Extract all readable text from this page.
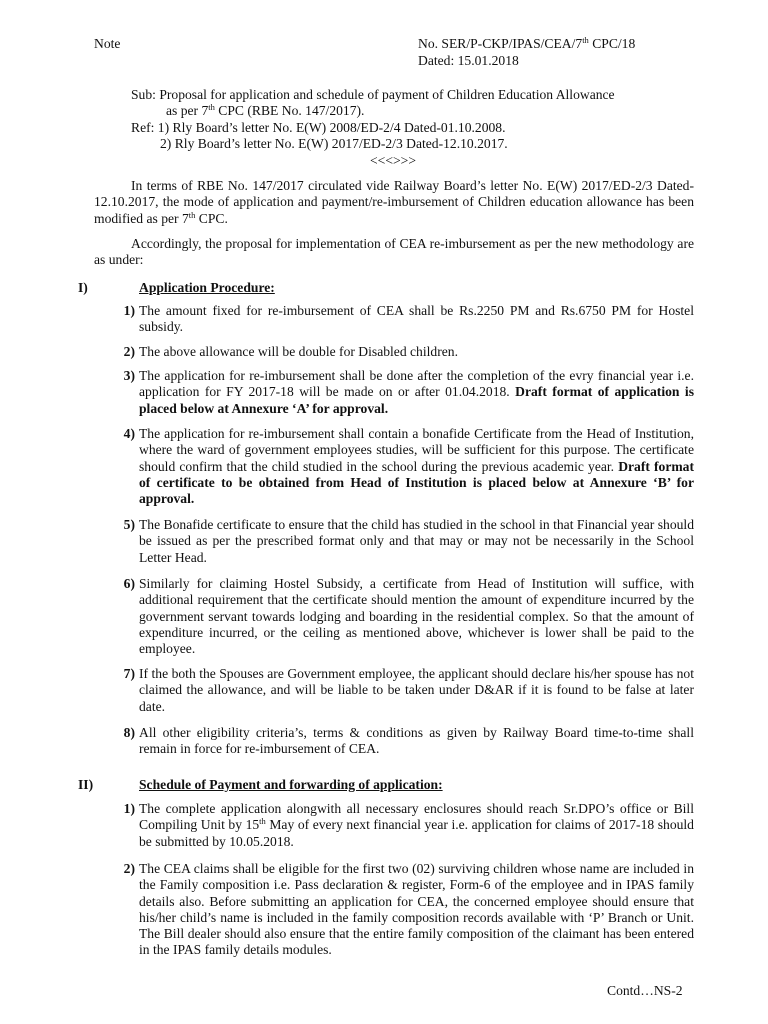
Note	No. SER/P-CKP/IPAS/CEA/7th CPC/18
Dated: 15.01.2018
Sub: Proposal for application and schedule of payment of Children Education Allowance
as per 7th CPC (RBE No. 147/2017).
Ref: 1) Rly Board’s letter No. E(W) 2008/ED-2/4 Dated-01.10.2008.
2) Rly Board’s letter No. E(W) 2017/ED-2/3 Dated-12.10.2017.
<<<>>>
In terms of RBE No. 147/2017 circulated vide Railway Board’s letter No. E(W) 2017/ED-2/3 Dated-12.10.2017, the mode of application and payment/re-imbursement of Children education allowance has been modified as per 7th CPC.
Accordingly, the proposal for implementation of CEA re-imbursement as per the new methodology are as under:
I)	Application Procedure:
1) The amount fixed for re-imbursement of CEA shall be Rs.2250 PM and Rs.6750 PM for Hostel subsidy.
2) The above allowance will be double for Disabled children.
3) The application for re-imbursement shall be done after the completion of the evry financial year i.e. application for FY 2017-18 will be made on or after 01.04.2018. Draft format of application is placed below at Annexure ‘A’ for approval.
4) The application for re-imbursement shall contain a bonafide Certificate from the Head of Institution, where the ward of government employees studies, will be sufficient for this purpose. The certificate should confirm that the child studied in the school during the previous academic year. Draft format of certificate to be obtained from Head of Institution is placed below at Annexure ‘B’ for approval.
5) The Bonafide certificate to ensure that the child has studied in the school in that Financial year should be issued as per the prescribed format only and that may or may not be necessarily in the School Letter Head.
6) Similarly for claiming Hostel Subsidy, a certificate from Head of Institution will suffice, with additional requirement that the certificate should mention the amount of expenditure incurred by the government servant towards lodging and boarding in the residential complex. So that the amount of expenditure incurred, or the ceiling as mentioned above, whichever is lower shall be paid to the employee.
7) If the both the Spouses are Government employee, the applicant should declare his/her spouse has not claimed the allowance, and will be liable to be taken under D&AR if it is found to be false at later date.
8) All other eligibility criteria’s, terms & conditions as given by Railway Board time-to-time shall remain in force for re-imbursement of CEA.
II)	Schedule of Payment and forwarding of application:
1) The complete application alongwith all necessary enclosures should reach Sr.DPO’s office or Bill Compiling Unit by 15th May of every next financial year i.e. application for claims of 2017-18 should be submitted by 10.05.2018.
2) The CEA claims shall be eligible for the first two (02) surviving children whose name are included in the Family composition i.e. Pass declaration & register, Form-6 of the employee and in IPAS family details also. Before submitting an application for CEA, the concerned employee should ensure that his/her child’s name is included in the family composition records available with ‘P’ Branch or Unit. The Bill dealer should also ensure that the entire family composition of the claimant has been entered in the IPAS family details modules.
Contd…NS-2
